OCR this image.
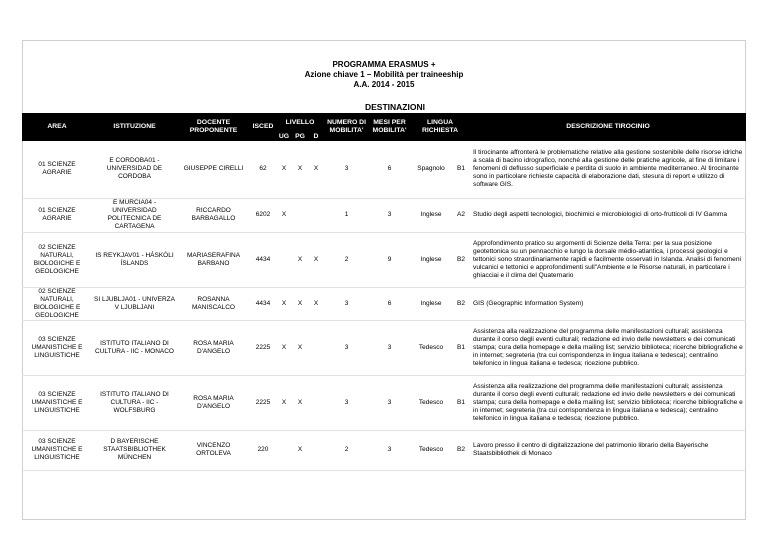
PROGRAMMA ERASMUS +
Azione chiave 1 – Mobilità per traineeship
A.A. 2014 - 2015
DESTINAZIONI
AREA	ISTITUZIONE	DOCENTE PROPONENTE	ISCED	LIVELLO			NUMERO DI MOBILITA'	MESI PER MOBILITA'	LINGUA RICHIESTA		DESCRIZIONE TIROCINIO
				UG	PG	D					
01 SCIENZE AGRARIE	E CORDOBA01 - UNIVERSIDAD DE CORDOBA	GIUSEPPE CIRELLI	62	X	X	X	3	6	Spagnolo	B1	Il tirocinante affronterà le problematiche relative alla gestione sostenibile delle risorse idriche a scala di bacino idrografico, nonché alla gestione delle pratiche agricole, al fine di limitare i fenomeni di deflusso superficiale e perdita di suolo in ambiente mediterraneo. Al tirocinante sono in particolare richieste capacità di elaborazione dati, stesura di report e utilizzo di software GIS.
01 SCIENZE AGRARIE	E MURCIA04 - UNIVERSIDAD POLITECNICA DE CARTAGENA	RICCARDO BARBAGALLO	6202	X			1	3	Inglese	A2	Studio degli aspetti tecnologici, biochimici e microbiologici di orto-frutticoli di IV Gamma
02 SCIENZE NATURALI, BIOLOGICHE E GEOLOGICHE	IS REYKJAV01 - HÁSKÓLI ÍSLANDS	MARIASERAFINA BARBANO	4434		X	X	2	9	Inglese	B2	Approfondimento pratico su argomenti di Scienze della Terra: per la sua posizione geotettonica su un pennacchio e lungo la dorsale médio-atlantica, i processi geologici e tettonici sono straordinariamente rapidi e facilmente osservati in Islanda. Analisi di fenomeni vulcanici e tettonici e approfondimenti sull"Ambiente e le Risorse naturali, in particolare i ghiacciai e il clima del Quaternario
02 SCIENZE NATURALI, BIOLOGICHE E GEOLOGICHE	SI LJUBLJA01 - UNIVERZA V LJUBLJANI	ROSANNA MANISCALCO	4434	X	X	X	3	6	Inglese	B2	GIS (Geographic Information System)
03 SCIENZE UMANISTICHE E LINGUISTICHE	ISTITUTO ITALIANO DI CULTURA - IIC - MONACO	ROSA MARIA D'ANGELO	2225	X	X		3	3	Tedesco	B1	Assistenza alla realizzazione del programma delle manifestazioni culturali; assistenza durante il corso degli eventi culturali; redazione ed invio delle newsletters e dei comunicati stampa; cura della homepage e della mailing list; servizio biblioteca; ricerche bibliografiche e in internet; segreteria (tra cui corrispondenza in lingua italiana e tedesca); centralino telefonico in lingua italiana e tedesca; ricezione pubblico.
03 SCIENZE UMANISTICHE E LINGUISTICHE	ISTITUTO ITALIANO DI CULTURA - IIC - WOLFSBURG	ROSA MARIA D'ANGELO	2225	X	X		3	3	Tedesco	B1	Assistenza alla realizzazione del programma delle manifestazioni culturali; assistenza durante il corso degli eventi culturali; redazione ed invio delle newsletters e dei comunicati stampa; cura della homepage e della mailing list; servizio biblioteca; ricerche bibliografiche e in internet; segreteria (tra cui corrispondenza in lingua italiana e tedesca); centralino telefonico in lingua italiana e tedesca; ricezione pubblico.
03 SCIENZE UMANISTICHE E LINGUISTICHE	D BAYERISCHE STAATSBIBLIOTHEK MÜNCHEN	VINCENZO ORTOLEVA	220		X		2	3	Tedesco	B2	Lavoro presso il centro di digitalizzazione del patrimonio librario della Bayerische Staatsbibliothek di Monaco
